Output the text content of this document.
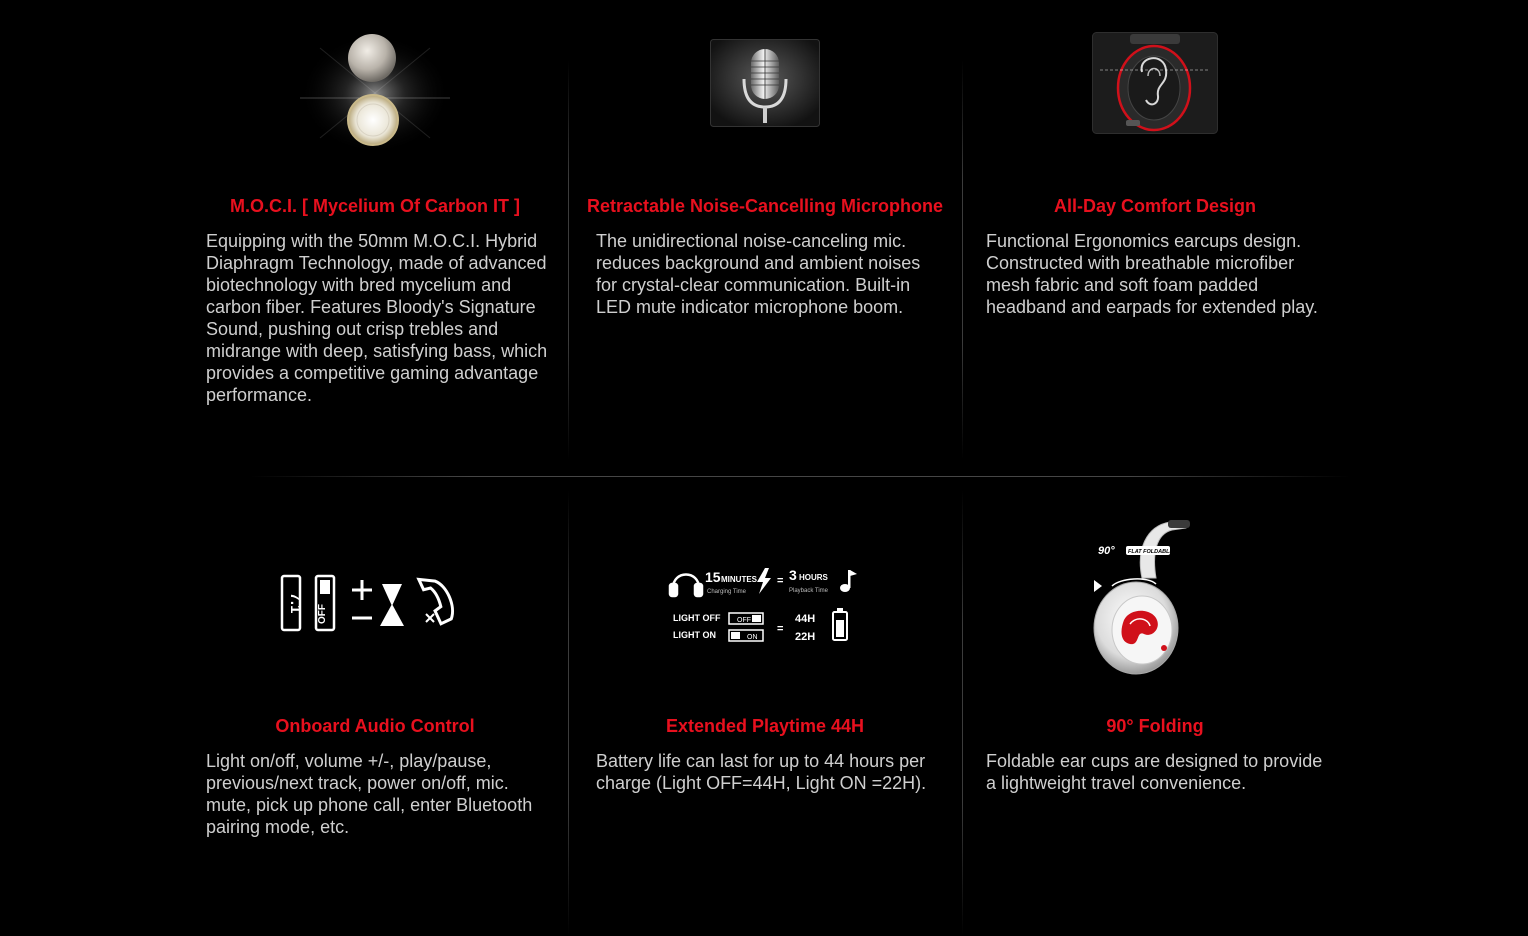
M.O.C.I. [ Mycelium Of Carbon IT ]

Equipping with the 50mm M.O.C.I. Hybrid Diaphragm Technology, made of advanced biotechnology with bred mycelium and carbon fiber. Features Bloody's Signature Sound, pushing out crisp trebles and midrange with deep, satisfying bass, which provides a competitive gaming advantage performance.

Retractable Noise-Cancelling Microphone

The unidirectional noise-canceling mic. reduces background and ambient noises for crystal-clear communication. Built-in LED mute indicator microphone boom.

All-Day Comfort Design

Functional Ergonomics earcups design. Constructed with breathable microfiber mesh fabric and soft foam padded headband and earpads for extended play.

7.1
OFF
Onboard Audio Control

Light on/off, volume +/-, play/pause, previous/next track, power on/off, mic. mute, pick up phone call, enter Bluetooth pairing mode, etc.

15 MINUTES
Charging Time
= 3 HOURS
Playback Time
LIGHT OFF
LIGHT ON
OFF
ON
=
44H
22H
Extended Playtime 44H

Battery life can last for up to 44 hours per charge (Light OFF=44H, Light ON =22H).

90° FLAT FOLDABLE
90° Folding

Foldable ear cups are designed to provide a lightweight travel convenience.
